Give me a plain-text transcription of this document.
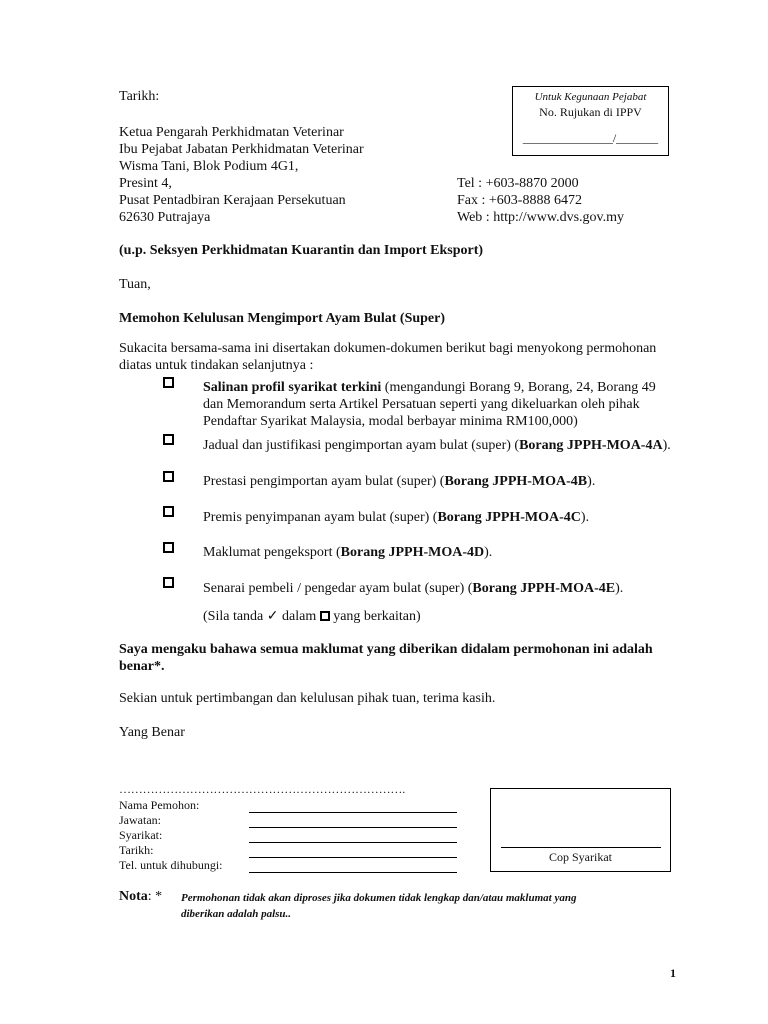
Tarikh:	Untuk Kegunaan Pejabat
No. Rujukan di IPPV
_______________/_______
Ketua Pengarah Perkhidmatan Veterinar
Ibu Pejabat Jabatan Perkhidmatan Veterinar
Wisma Tani, Blok Podium 4G1,
Presint 4,
Pusat Pentadbiran Kerajaan Persekutuan
62630 Putrajaya
Tel : +603-8870 2000
Fax : +603-8888 6472
Web : http://www.dvs.gov.my
(u.p. Seksyen Perkhidmatan Kuarantin dan Import Eksport)
Tuan,
Memohon Kelulusan Mengimport Ayam Bulat (Super)
Sukacita bersama-sama ini disertakan dokumen-dokumen berikut bagi menyokong permohonan
diatas untuk tindakan selanjutnya :
Salinan profil syarikat terkini (mengandungi Borang 9, Borang, 24, Borang 49
dan Memorandum serta Artikel Persatuan seperti yang dikeluarkan oleh pihak
Pendaftar Syarikat Malaysia, modal berbayar minima RM100,000)
Jadual dan justifikasi pengimportan ayam bulat (super) (Borang JPPH-MOA-4A).
Prestasi pengimportan ayam bulat (super) (Borang JPPH-MOA-4B).
Premis penyimpanan ayam bulat (super) (Borang JPPH-MOA-4C).
Maklumat pengeksport (Borang JPPH-MOA-4D).
Senarai pembeli / pengedar ayam bulat (super) (Borang JPPH-MOA-4E).
(Sila tanda ✓ dalam yang berkaitan)
Saya mengaku bahawa semua maklumat yang diberikan didalam permohonan ini adalah
benar*.
Sekian untuk pertimbangan dan kelulusan pihak tuan, terima kasih.
Yang Benar
……………………………………………………………….
Nama Pemohon:
Jawatan:
Syarikat:
Tarikh:
Tel. untuk dihubungi:
Cop Syarikat
Nota: * Permohonan tidak akan diproses jika dokumen tidak lengkap dan/atau maklumat yang
diberikan adalah palsu..
1
